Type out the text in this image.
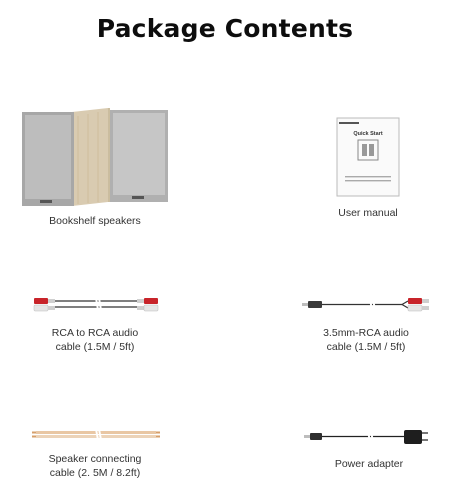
Package Contents
Bookshelf speakers
Quick Start
User manual
RCA to RCA audio
cable (1.5M / 5ft)
3.5mm-RCA audio
cable (1.5M / 5ft)
Speaker connecting
cable (2. 5M / 8.2ft)
Power adapter
